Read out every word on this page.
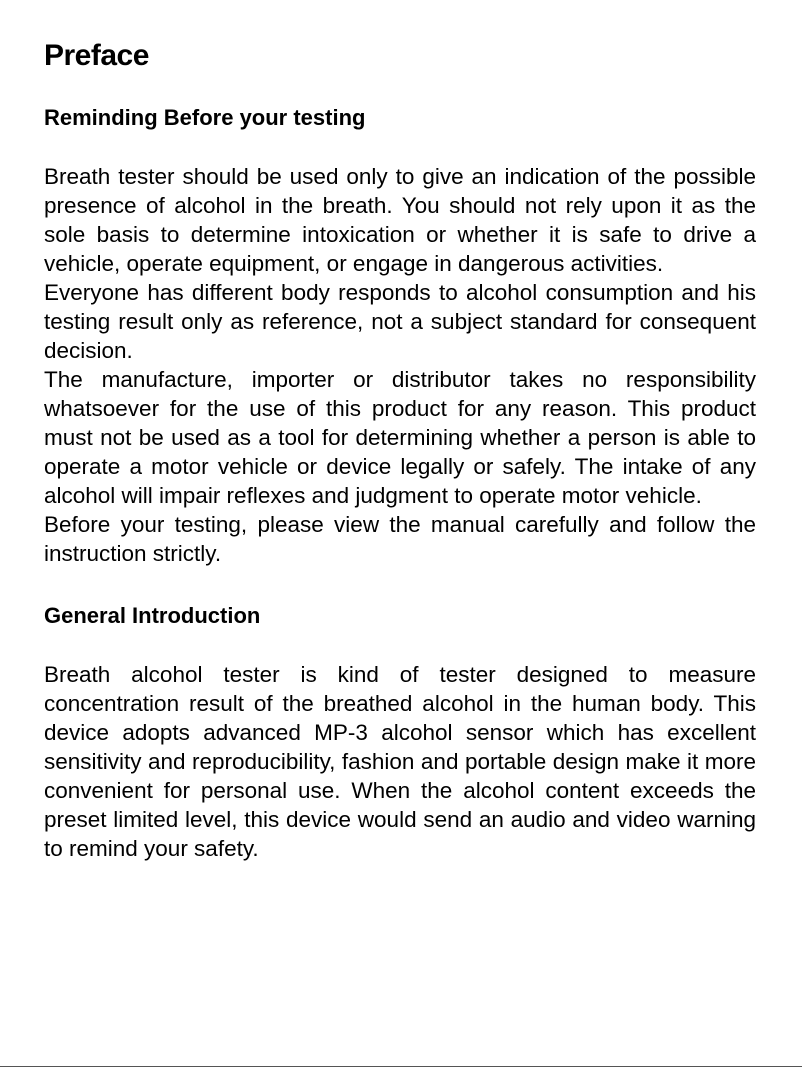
Preface
Reminding Before your testing

Breath tester should be used only to give an indication of the possible presence of alcohol in the breath. You should not rely upon it as the sole basis to determine intoxication or whether it is safe to drive a vehicle, operate equipment, or engage in dangerous activities.

Everyone has different body responds to alcohol consumption and his testing result only as reference, not a subject standard for consequent decision.

The manufacture, importer or distributor takes no responsibility whatsoever for the use of this product for any reason. This product must not be used as a tool for determining whether a person is able to operate a motor vehicle or device legally or safely. The intake of any alcohol will impair reflexes and judgment to operate motor vehicle.

Before your testing, please view the manual carefully and follow the instruction strictly.

General Introduction

Breath alcohol tester is kind of tester designed to measure concentration result of the breathed alcohol in the human body. This device adopts advanced MP-3 alcohol sensor which has excellent sensitivity and reproducibility, fashion and portable design make it more convenient for personal use. When the alcohol content exceeds the preset limited level, this device would send an audio and video warning to remind your safety.
